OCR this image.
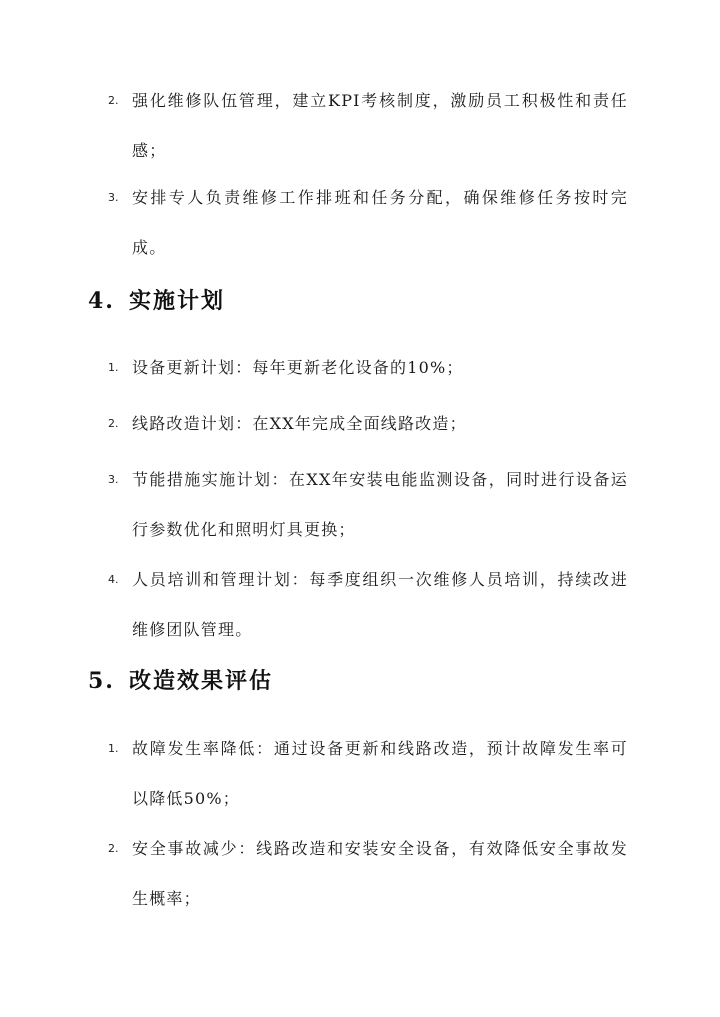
2. 强化维修队伍管理，建立KPI考核制度，激励员工积极性和责任感；
3. 安排专人负责维修工作排班和任务分配，确保维修任务按时完成。
4. 实施计划
1. 设备更新计划：每年更新老化设备的10%；
2. 线路改造计划：在XX年完成全面线路改造；
3. 节能措施实施计划：在XX年安装电能监测设备，同时进行设备运行参数优化和照明灯具更换；
4. 人员培训和管理计划：每季度组织一次维修人员培训，持续改进维修团队管理。
5. 改造效果评估
1. 故障发生率降低：通过设备更新和线路改造，预计故障发生率可以降低50%；
2. 安全事故减少：线路改造和安装安全设备，有效降低安全事故发生概率；
